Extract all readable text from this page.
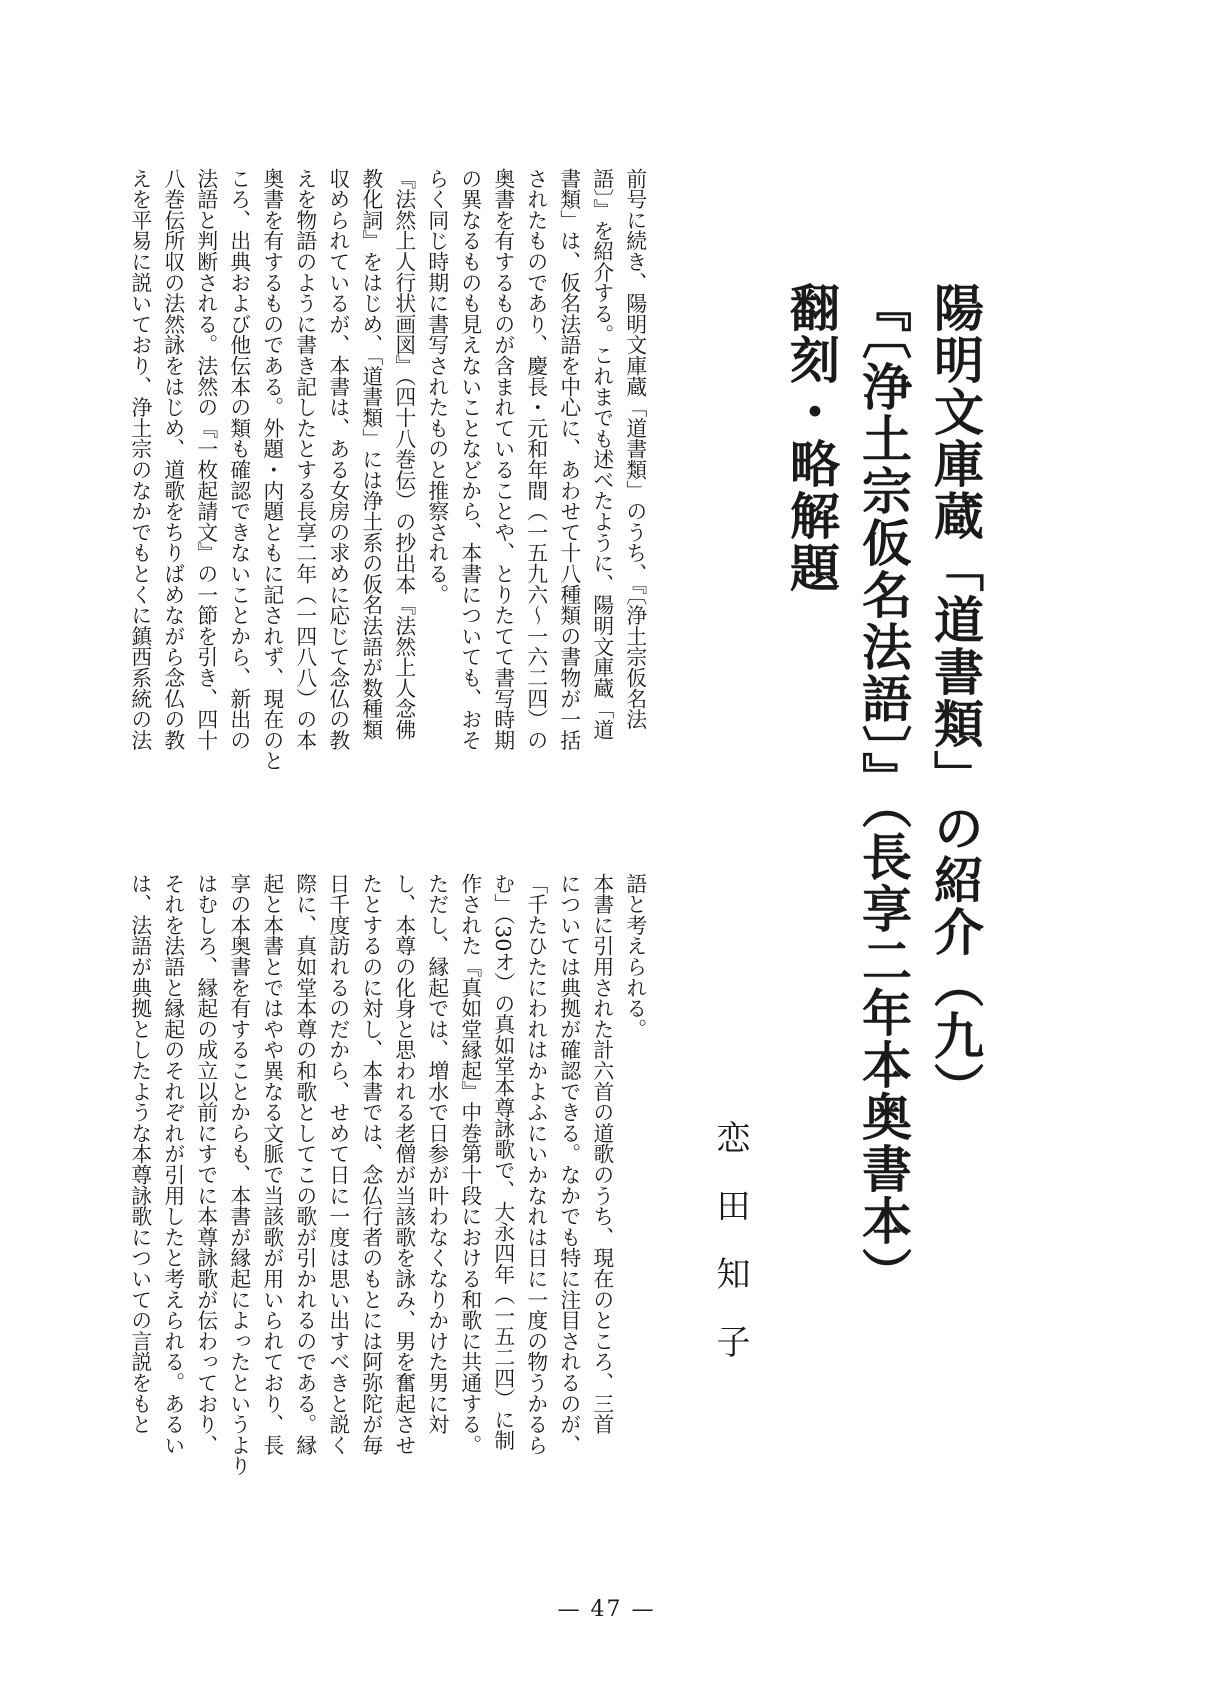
陽明文庫蔵「道書類」の紹介（九）
『〔浄土宗仮名法語〕』（長享二年本奥書本）
翻刻・略解題
恋田知子
前号に続き、陽明文庫蔵「道書類」のうち、『〔浄土宗仮名法
語〕』を紹介する。これまでも述べたように、陽明文庫蔵「道
書類」は、仮名法語を中心に、あわせて十八種類の書物が一括
されたものであり、慶長・元和年間（一五九六〜一六二四）の
奥書を有するものが含まれていることや、とりたてて書写時期
の異なるものも見えないことなどから、本書についても、おそ
らく同じ時期に書写されたものと推察される。
『法然上人行状画図』（四十八巻伝）の抄出本『法然上人念佛
教化詞』をはじめ、「道書類」には浄土系の仮名法語が数種類
収められているが、本書は、ある女房の求めに応じて念仏の教
えを物語のように書き記したとする長享二年（一四八八）の本
奥書を有するものである。外題・内題ともに記されず、現在のと
ころ、出典および他伝本の類も確認できないことから、新出の
法語と判断される。法然の『一枚起請文』の一節を引き、四十
八巻伝所収の法然詠をはじめ、道歌をちりばめながら念仏の教
えを平易に説いており、浄土宗のなかでもとくに鎮西系統の法
語と考えられる。
本書に引用された計六首の道歌のうち、現在のところ、三首
については典拠が確認できる。なかでも特に注目されるのが、
「千たひたにわれはかよふにいかなれは日に一度の物うかるら
む」（30オ）の真如堂本尊詠歌で、大永四年（一五二四）に制
作された『真如堂縁起』中巻第十段における和歌に共通する。
ただし、縁起では、増水で日参が叶わなくなりかけた男に対
し、本尊の化身と思われる老僧が当該歌を詠み、男を奮起させ
たとするのに対し、本書では、念仏行者のもとには阿弥陀が毎
日千度訪れるのだから、せめて日に一度は思い出すべきと説く
際に、真如堂本尊の和歌としてこの歌が引かれるのである。縁
起と本書とではやや異なる文脈で当該歌が用いられており、長
享の本奥書を有することからも、本書が縁起によったというより
はむしろ、縁起の成立以前にすでに本尊詠歌が伝わっており、
それを法語と縁起のそれぞれが引用したと考えられる。あるい
は、法語が典拠としたような本尊詠歌についての言説をもと
— 47 —
